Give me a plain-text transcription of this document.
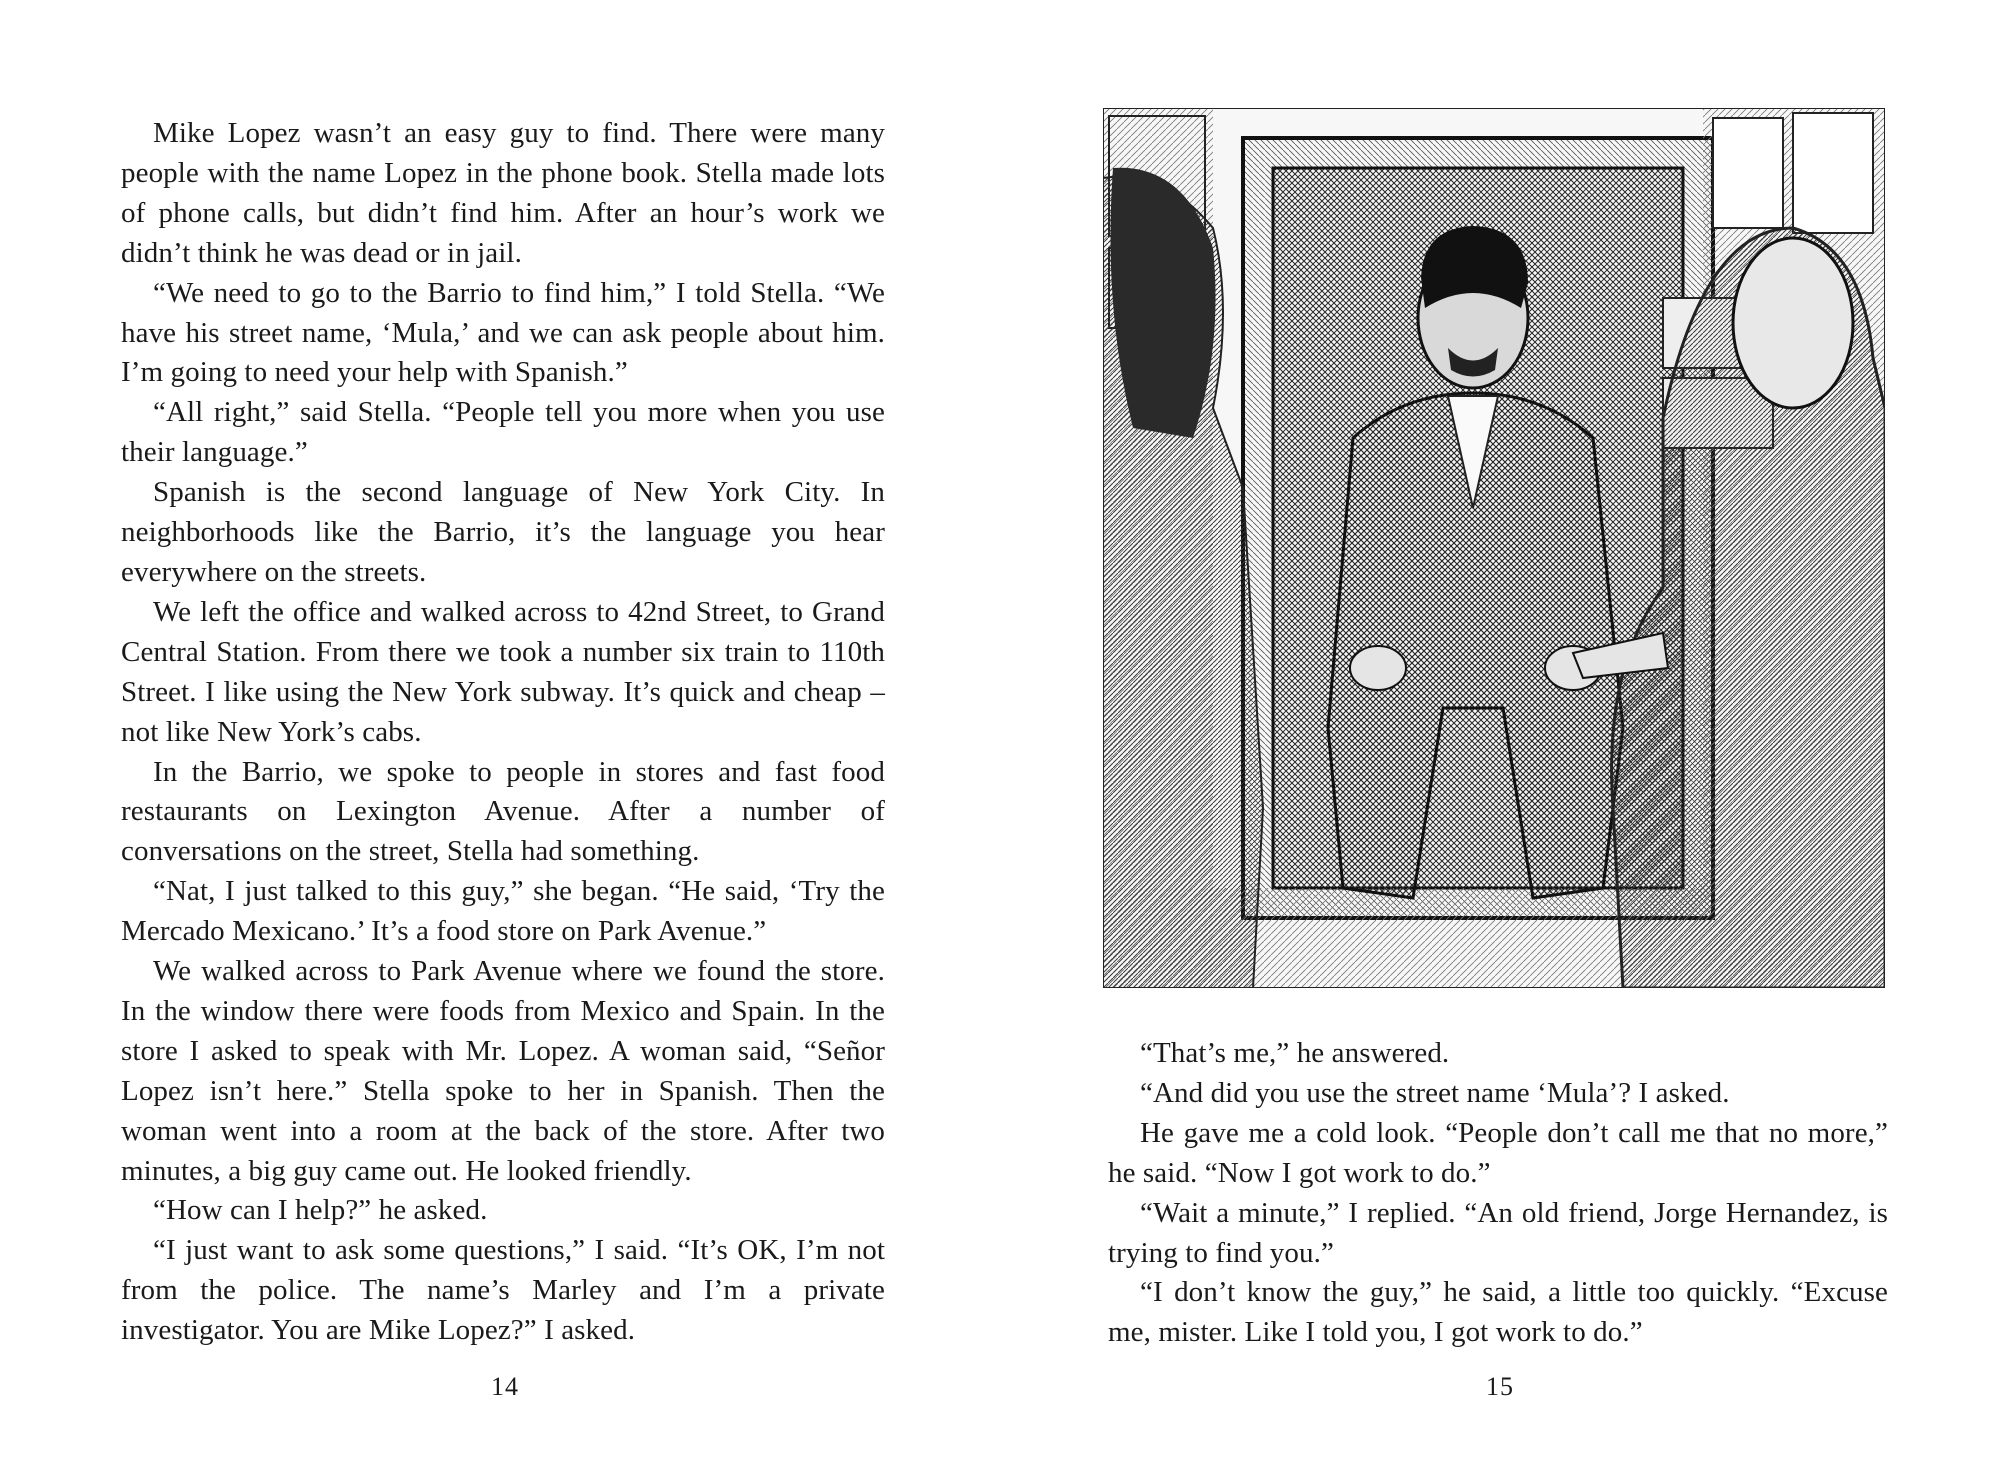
Mike Lopez wasn’t an easy guy to find. There were many people with the name Lopez in the phone book. Stella made lots of phone calls, but didn’t find him. After an hour’s work we didn’t think he was dead or in jail.

“We need to go to the Barrio to find him,” I told Stella. “We have his street name, ‘Mula,’ and we can ask people about him. I’m going to need your help with Spanish.”

“All right,” said Stella. “People tell you more when you use their language.”

Spanish is the second language of New York City. In neighborhoods like the Barrio, it’s the language you hear everywhere on the streets.

We left the office and walked across to 42nd Street, to Grand Central Station. From there we took a number six train to 110th Street. I like using the New York subway. It’s quick and cheap – not like New York’s cabs.

In the Barrio, we spoke to people in stores and fast food restaurants on Lexington Avenue. After a number of conversations on the street, Stella had something.

“Nat, I just talked to this guy,” she began. “He said, ‘Try the Mercado Mexicano.’ It’s a food store on Park Avenue.”

We walked across to Park Avenue where we found the store. In the window there were foods from Mexico and Spain. In the store I asked to speak with Mr. Lopez. A woman said, “Señor Lopez isn’t here.” Stella spoke to her in Spanish. Then the woman went into a room at the back of the store. After two minutes, a big guy came out. He looked friendly.

“How can I help?” he asked.

“I just want to ask some questions,” I said. “It’s OK, I’m not from the police. The name’s Marley and I’m a private investigator. You are Mike Lopez?” I asked.

14

“That’s me,” he answered.

“And did you use the street name ‘Mula’? I asked.

He gave me a cold look. “People don’t call me that no more,” he said. “Now I got work to do.”

“Wait a minute,” I replied. “An old friend, Jorge Hernandez, is trying to find you.”

“I don’t know the guy,” he said, a little too quickly. “Excuse me, mister. Like I told you, I got work to do.”

15
